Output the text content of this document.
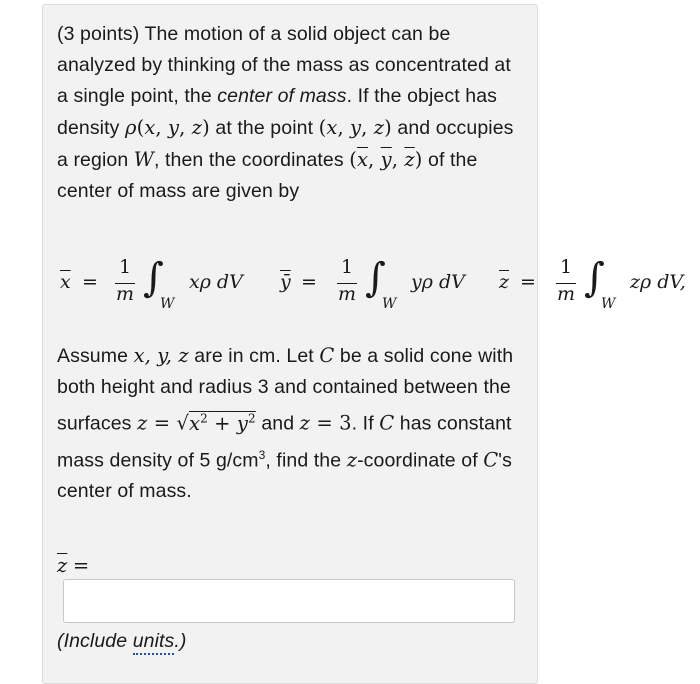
(3 points) The motion of a solid object can be analyzed by thinking of the mass as concentrated at a single point, the center of mass. If the object has density ρ(x, y, z) at the point (x, y, z) and occupies a region W, then the coordinates ($\overline{x}$, $\overline{y}$, $\overline{z}$) of the center of mass are given by
$\overline{x}$ =
1
m ∫
W
xρ dV $\overline{ȳ}$ =
1
m ∫
W
yρ dV $\overline{z}$ =
1
m ∫
W
zρ dV,
Assume x, y, z are in cm. Let C be a solid cone with both height and radius 3 and contained between the surfaces $z = √x^2 + y^2$ and z = 3. If C has constant mass density of 5 $g/cm^3$, find the z-coordinate of C's center of mass.
$\overline{z}$ =
(Include units.)
